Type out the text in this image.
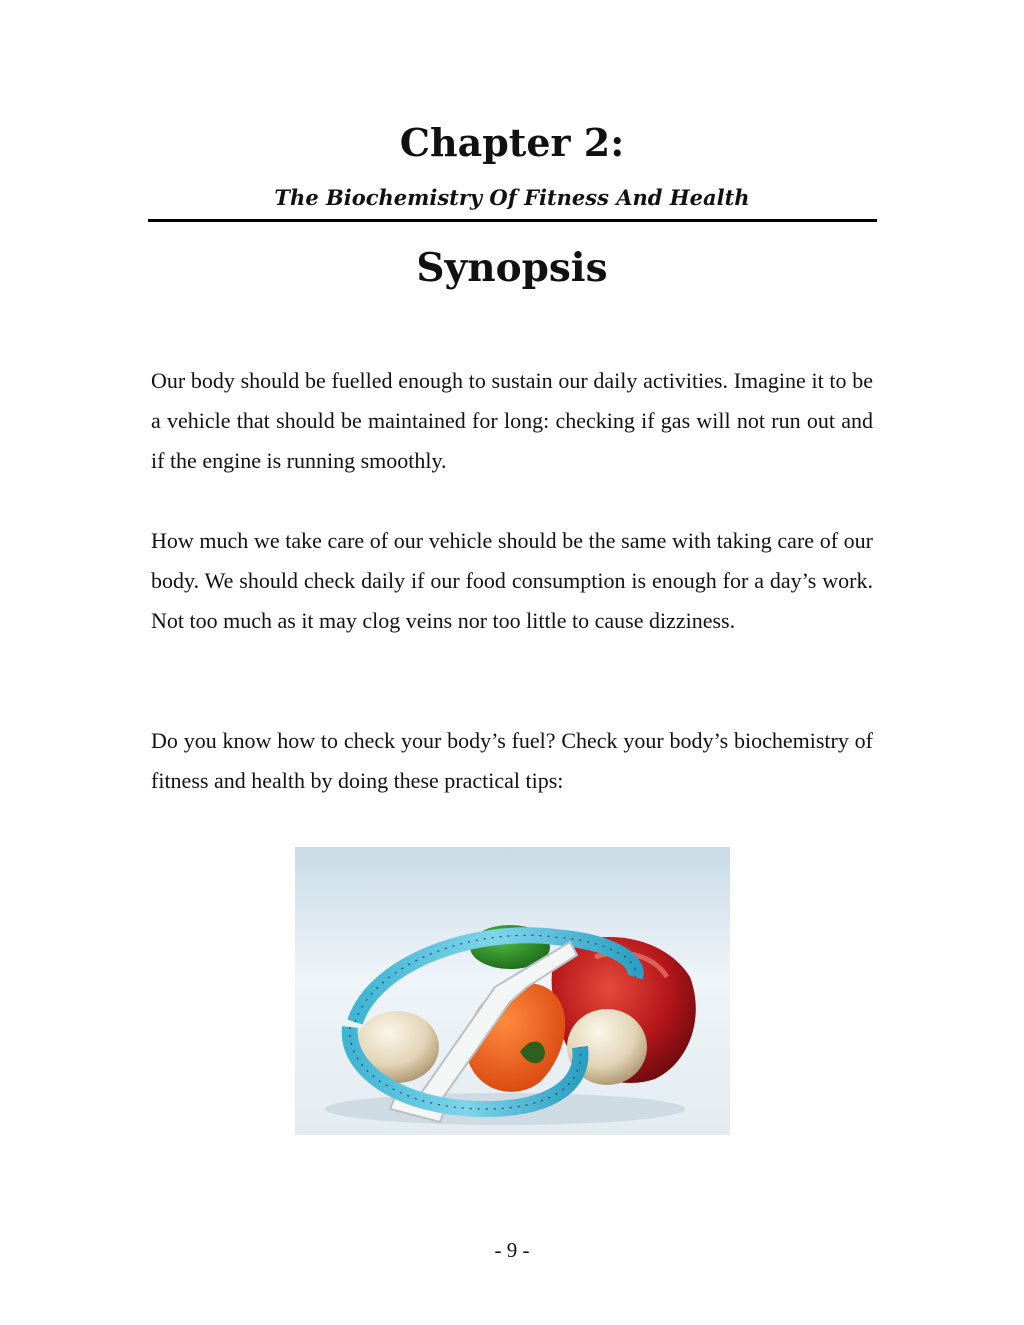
Chapter 2:
The Biochemistry Of Fitness And Health
Synopsis

Our body should be fuelled enough to sustain our daily activities. Imagine it to be a vehicle that should be maintained for long: checking if gas will not run out and if the engine is running smoothly.

How much we take care of our vehicle should be the same with taking care of our body. We should check daily if our food consumption is enough for a day’s work. Not too much as it may clog veins nor too little to cause dizziness.

Do you know how to check your body’s fuel? Check your body’s biochemistry of fitness and health by doing these practical tips:

- 9 -
